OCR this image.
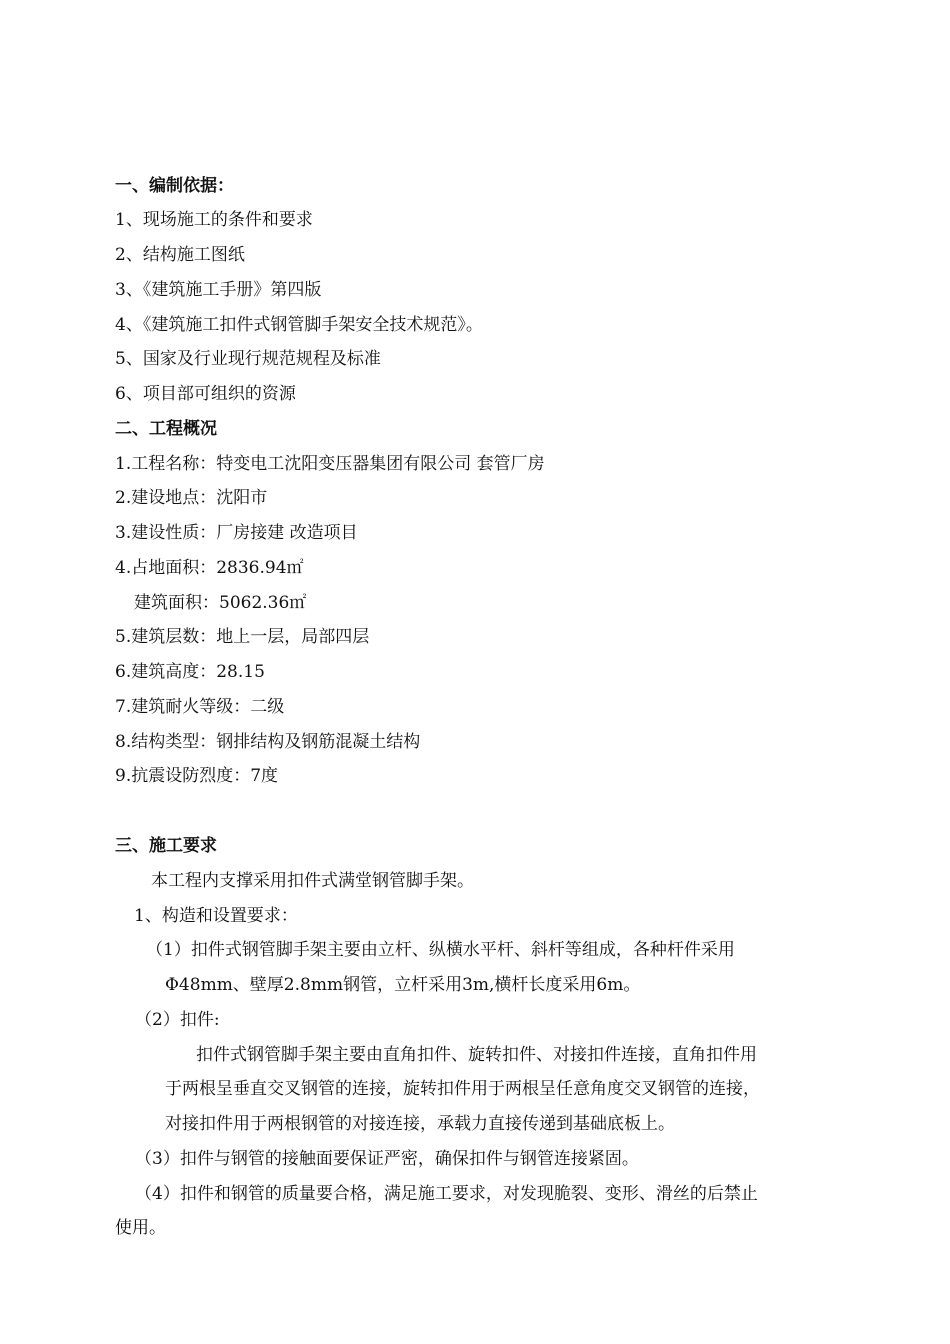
一、编制依据：
1、现场施工的条件和要求
2、结构施工图纸
3、《建筑施工手册》第四版
4、《建筑施工扣件式钢管脚手架安全技术规范》。
5、国家及行业现行规范规程及标准
6、项目部可组织的资源
二、工程概况
1.工程名称：特变电工沈阳变压器集团有限公司 套管厂房
2.建设地点：沈阳市
3.建设性质：厂房接建 改造项目
4.占地面积：2836.94㎡
建筑面积：5062.36㎡
5.建筑层数：地上一层，局部四层
6.建筑高度：28.15
7.建筑耐火等级：二级
8.结构类型：钢排结构及钢筋混凝土结构
9.抗震设防烈度：7度
三、施工要求
本工程内支撑采用扣件式满堂钢管脚手架。
1、构造和设置要求：
（1）扣件式钢管脚手架主要由立杆、纵横水平杆、斜杆等组成，各种杆件采用
Φ48mm、壁厚2.8mm钢管，立杆采用3m,横杆长度采用6m。
（2）扣件:
扣件式钢管脚手架主要由直角扣件、旋转扣件、对接扣件连接，直角扣件用
于两根呈垂直交叉钢管的连接，旋转扣件用于两根呈任意角度交叉钢管的连接，
对接扣件用于两根钢管的对接连接，承载力直接传递到基础底板上。
（3）扣件与钢管的接触面要保证严密，确保扣件与钢管连接紧固。
（4）扣件和钢管的质量要合格，满足施工要求，对发现脆裂、变形、滑丝的后禁止
使用。
